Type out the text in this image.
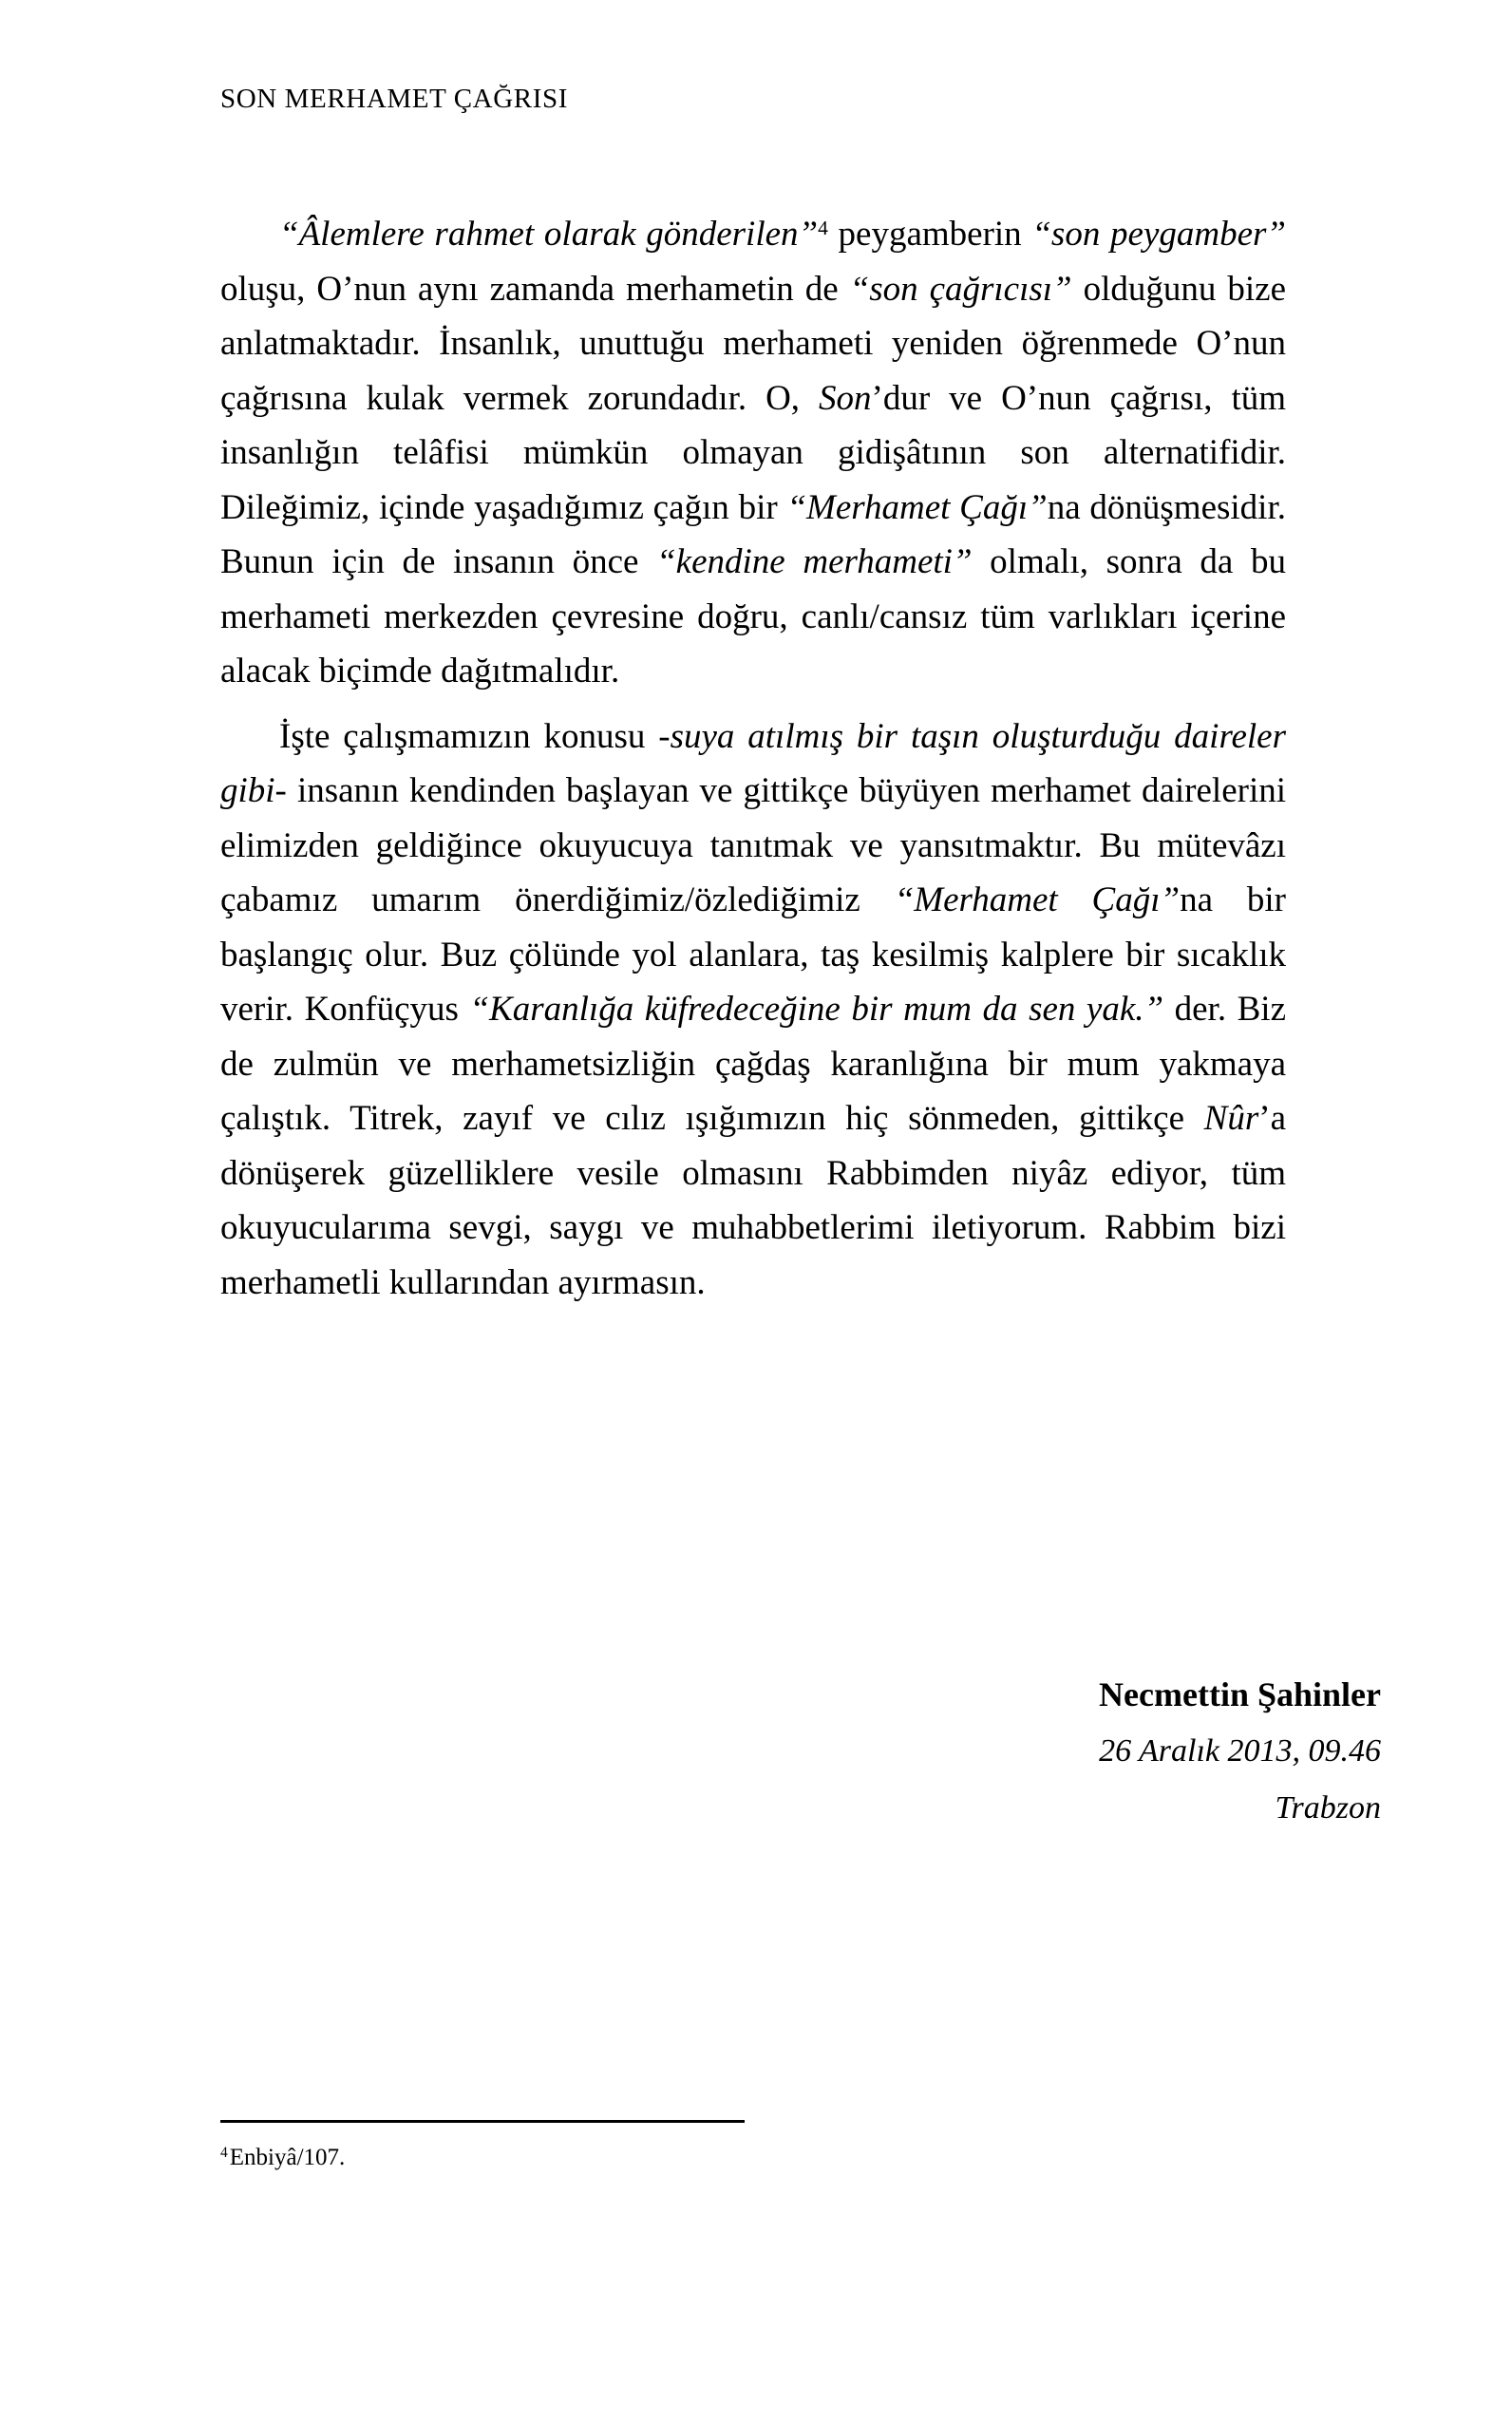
SON MERHAMET ÇAĞRISI

“Âlemlere rahmet olarak gönderilen”$^4$ peygamberin “son peygamber” oluşu, O’nun aynı zamanda merhametin de “son çağrıcısı” olduğunu bize anlatmaktadır. İnsanlık, unuttuğu merhameti yeniden öğrenmede O’nun çağrısına kulak vermek zorundadır. O, Son’dur ve O’nun çağrısı, tüm insanlığın telâfisi mümkün olmayan gidişâtının son alternatifidir. Dileğimiz, içinde yaşadığımız çağın bir “Merhamet Çağı”na dönüşmesidir. Bunun için de insanın önce “kendine merhameti” olmalı, sonra da bu merhameti merkezden çevresine doğru, canlı/cansız tüm varlıkları içerine alacak biçimde dağıtmalıdır.

İşte çalışmamızın konusu -suya atılmış bir taşın oluşturduğu daireler gibi- insanın kendinden başlayan ve gittikçe büyüyen merhamet dairelerini elimizden geldiğince okuyucuya tanıtmak ve yansıtmaktır. Bu mütevâzı çabamız umarım önerdiğimiz/özlediğimiz “Merhamet Çağı”na bir başlangıç olur. Buz çölünde yol alanlara, taş kesilmiş kalplere bir sıcaklık verir. Konfüçyus “Karanlığa küfredeceğine bir mum da sen yak.” der. Biz de zulmün ve merhametsizliğin çağdaş karanlığına bir mum yakmaya çalıştık. Titrek, zayıf ve cılız ışığımızın hiç sönmeden, gittikçe Nûr’a dönüşerek güzelliklere vesile olmasını Rabbimden niyâz ediyor, tüm okuyucularıma sevgi, saygı ve muhabbetlerimi iletiyorum. Rabbim bizi merhametli kullarından ayırmasın.

Necmettin Şahinler
26 Aralık 2013, 09.46
Trabzon

$^4$Enbiyâ/107.
